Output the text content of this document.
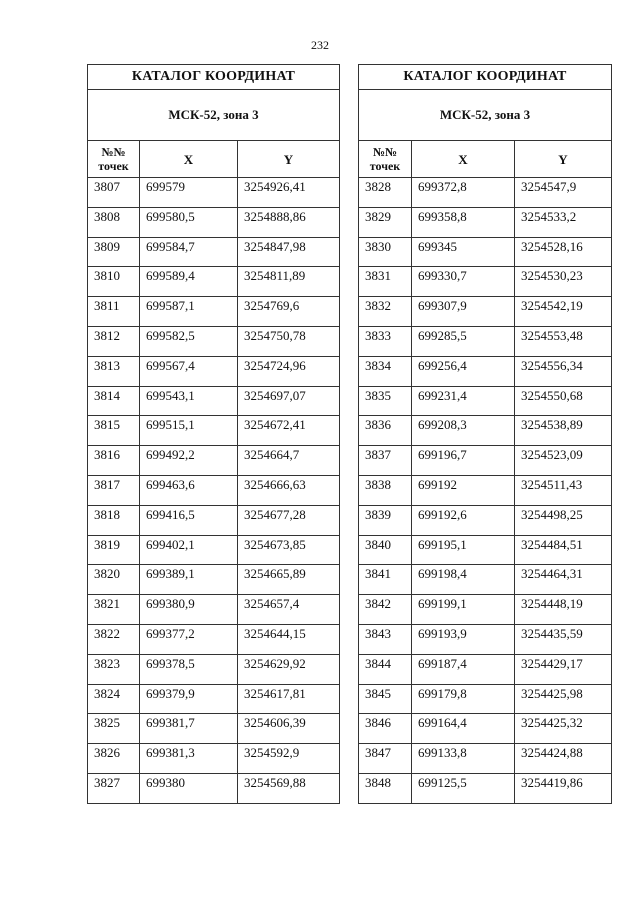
232
КАТАЛОГ КООРДИНАТ		
МСК-52, зона 3		
№№
точек	X	Y
3807	699579	3254926,41
3808	699580,5	3254888,86
3809	699584,7	3254847,98
3810	699589,4	3254811,89
3811	699587,1	3254769,6
3812	699582,5	3254750,78
3813	699567,4	3254724,96
3814	699543,1	3254697,07
3815	699515,1	3254672,41
3816	699492,2	3254664,7
3817	699463,6	3254666,63
3818	699416,5	3254677,28
3819	699402,1	3254673,85
3820	699389,1	3254665,89
3821	699380,9	3254657,4
3822	699377,2	3254644,15
3823	699378,5	3254629,92
3824	699379,9	3254617,81
3825	699381,7	3254606,39
3826	699381,3	3254592,9
3827	699380	3254569,88
КАТАЛОГ КООРДИНАТ		
МСК-52, зона 3		
№№
точек	X	Y
3828	699372,8	3254547,9
3829	699358,8	3254533,2
3830	699345	3254528,16
3831	699330,7	3254530,23
3832	699307,9	3254542,19
3833	699285,5	3254553,48
3834	699256,4	3254556,34
3835	699231,4	3254550,68
3836	699208,3	3254538,89
3837	699196,7	3254523,09
3838	699192	3254511,43
3839	699192,6	3254498,25
3840	699195,1	3254484,51
3841	699198,4	3254464,31
3842	699199,1	3254448,19
3843	699193,9	3254435,59
3844	699187,4	3254429,17
3845	699179,8	3254425,98
3846	699164,4	3254425,32
3847	699133,8	3254424,88
3848	699125,5	3254419,86
